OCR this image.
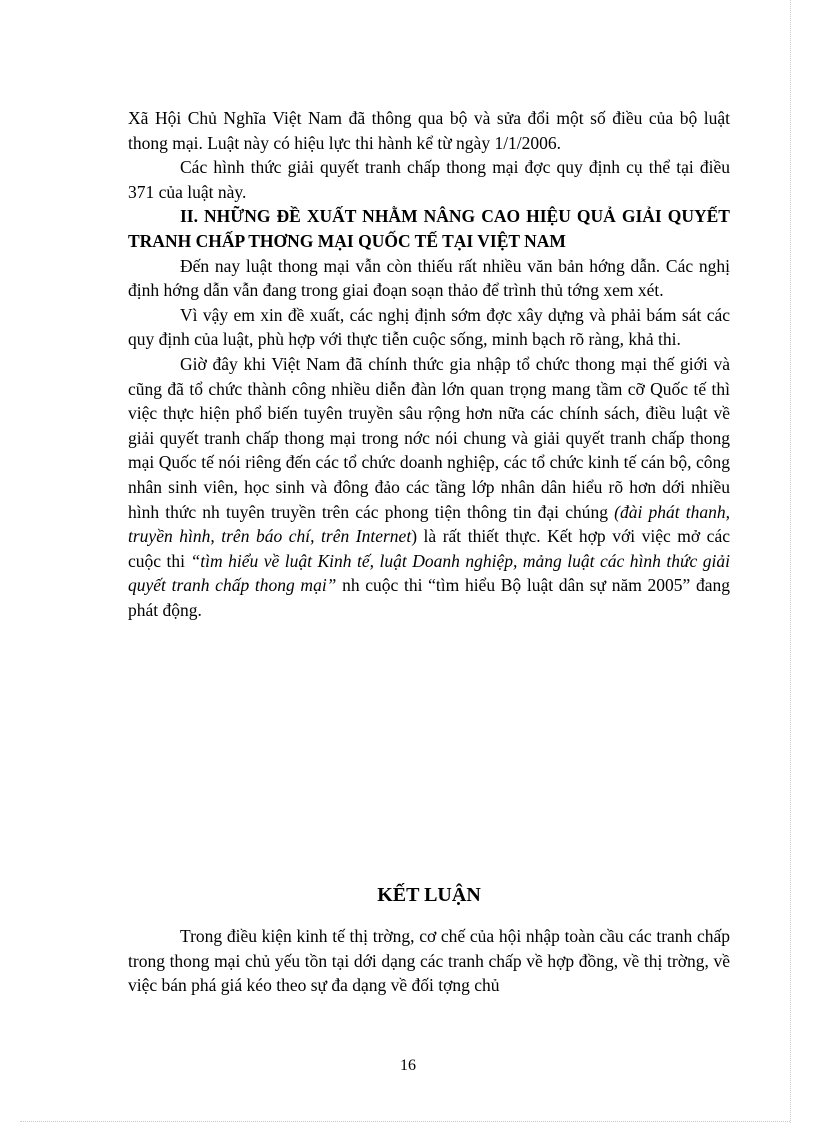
Xã Hội Chủ Nghĩa Việt Nam đã thông qua bộ và sửa đổi một số điều của bộ luật thong mại. Luật này có hiệu lực thi hành kể từ ngày 1/1/2006.

Các hình thức giải quyết tranh chấp thong mại đợc quy định cụ thể tại điều 371 của luật này.

II. NHỮNG ĐỀ XUẤT NHẰM NÂNG CAO HIỆU QUẢ GIẢI QUYẾT TRANH CHẤP THƠNG MẠI QUỐC TẾ TẠI VIỆT NAM

Đến nay luật thong mại vẫn còn thiếu rất nhiều văn bản hớng dẫn. Các nghị định hớng dẫn vẫn đang trong giai đoạn soạn thảo để trình thủ tớng xem xét.

Vì vậy em xin đề xuất, các nghị định sớm đợc xây dựng và phải bám sát các quy định của luật, phù hợp với thực tiễn cuộc sống, minh bạch rõ ràng, khả thi.

Giờ đây khi Việt Nam đã chính thức gia nhập tổ chức thong mại thế giới và cũng đã tổ chức thành công nhiều diễn đàn lớn quan trọng mang tầm cỡ Quốc tế thì việc thực hiện phổ biến tuyên truyền sâu rộng hơn nữa các chính sách, điều luật về giải quyết tranh chấp thong mại trong nớc nói chung và giải quyết tranh chấp thong mại Quốc tế nói riêng đến các tổ chức doanh nghiệp, các tổ chức kinh tế cán bộ, công nhân sinh viên, học sinh và đông đảo các tầng lớp nhân dân hiểu rõ hơn dới nhiều hình thức nh tuyên truyền trên các phong tiện thông tin đại chúng (đài phát thanh, truyền hình, trên báo chí, trên Internet) là rất thiết thực. Kết hợp với việc mở các cuộc thi “tìm hiểu về luật Kinh tế, luật Doanh nghiệp, mảng luật các hình thức giải quyết tranh chấp thong mại” nh cuộc thi “tìm hiểu Bộ luật dân sự năm 2005” đang phát động.

KẾT LUẬN

Trong điều kiện kinh tế thị trờng, cơ chế của hội nhập toàn cầu các tranh chấp trong thong mại chủ yếu tồn tại dới dạng các tranh chấp về hợp đồng, về thị trờng, về việc bán phá giá kéo theo sự đa dạng về đối tợng chủ

16
